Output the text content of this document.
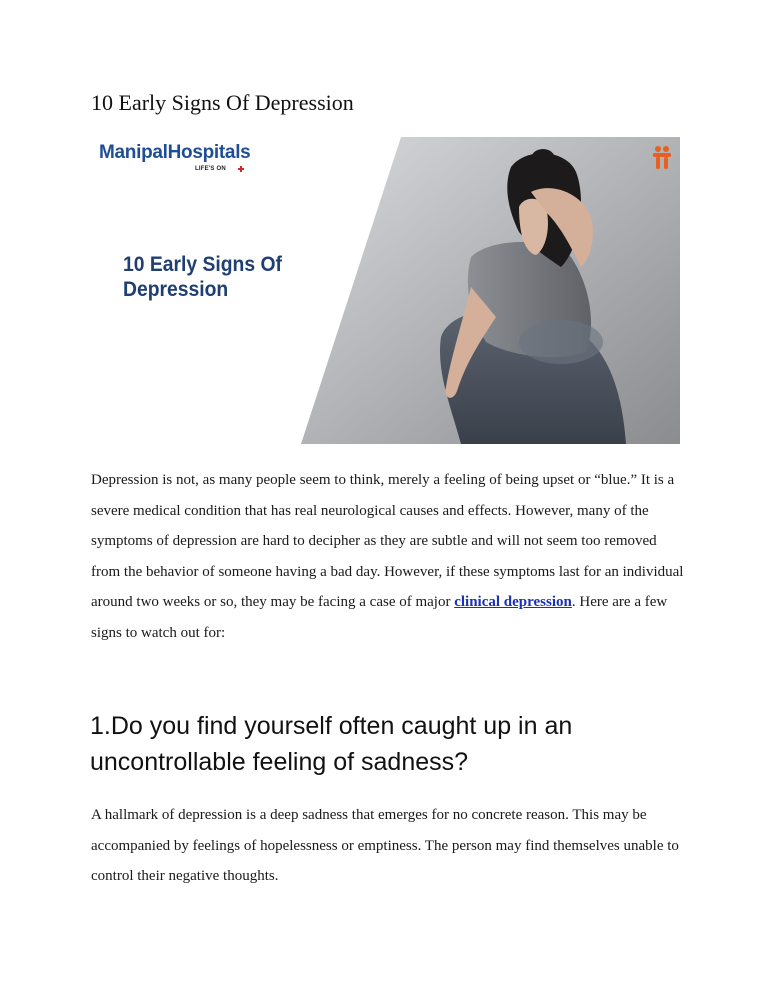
10 Early Signs Of Depression
ManipalHospitals
LIFE'S ON
10 Early Signs Of Depression

Depression is not, as many people seem to think, merely a feeling of being upset or “blue.” It is a severe medical condition that has real neurological causes and effects. However, many of the symptoms of depression are hard to decipher as they are subtle and will not seem too removed from the behavior of someone having a bad day. However, if these symptoms last for an individual around two weeks or so, they may be facing a case of major clinical depression. Here are a few signs to watch out for:

1.Do you find yourself often caught up in an uncontrollable feeling of sadness?

A hallmark of depression is a deep sadness that emerges for no concrete reason. This may be accompanied by feelings of hopelessness or emptiness. The person may find themselves unable to control their negative thoughts.
